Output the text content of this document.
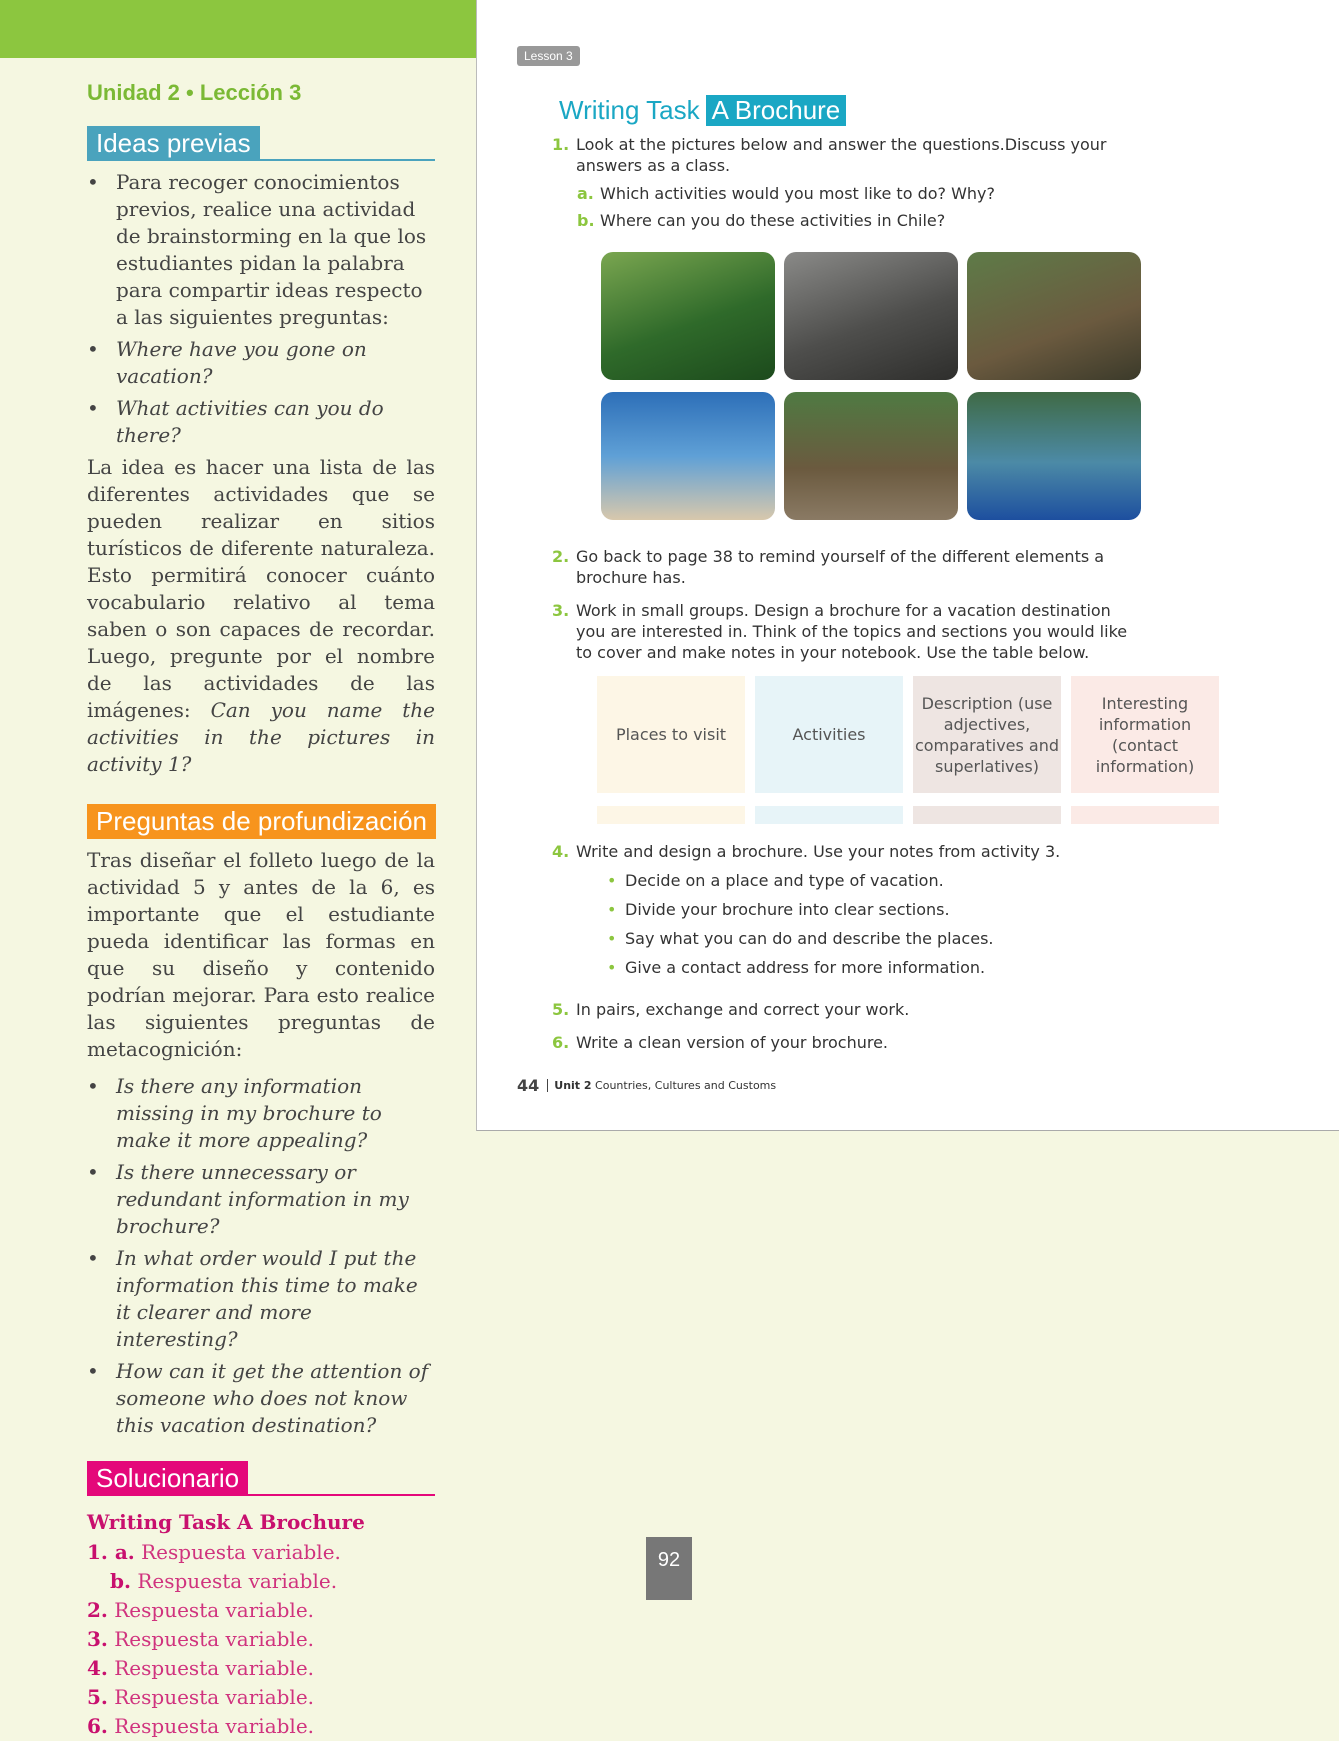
Unidad 2 • Lección 3
Ideas previas
• Para recoger conocimientos previos, realice una actividad de brainstorming en la que los estudiantes pidan la palabra para compartir ideas respecto a las siguientes preguntas:
• Where have you gone on vacation?
• What activities can you do there?

La idea es hacer una lista de las diferentes actividades que se pueden realizar en sitios turísticos de diferente naturaleza. Esto permitirá conocer cuánto vocabulario relativo al tema saben o son capaces de recordar. Luego, pregunte por el nombre de las actividades de las imágenes: Can you name the activities in the pictures in activity 1?

Preguntas de profundización

Tras diseñar el folleto luego de la actividad 5 y antes de la 6, es importante que el estudiante pueda identificar las formas en que su diseño y contenido podrían mejorar. Para esto realice las siguientes preguntas de metacognición:

• Is there any information missing in my brochure to make it more appealing?
• Is there unnecessary or redundant information in my brochure?
• In what order would I put the information this time to make it clearer and more interesting?
• How can it get the attention of someone who does not know this vacation destination?
Solucionario
Writing Task A Brochure
1. a. Respuesta variable.
b. Respuesta variable.
2. Respuesta variable.
3. Respuesta variable.
4. Respuesta variable.
5. Respuesta variable.
6. Respuesta variable.
Lesson 3
Writing Task A Brochure
1. Look at the pictures below and answer the questions.Discuss your answers as a class.
a. Which activities would you most like to do? Why?
b. Where can you do these activities in Chile?
2. Go back to page 38 to remind yourself of the different elements a brochure has.
3. Work in small groups. Design a brochure for a vacation destination you are interested in. Think of the topics and sections you would like to cover and make notes in your notebook. Use the table below.
Places to visit	Activities
Description (use adjectives, comparatives and superlatives)
Interesting information (contact information)
4. Write and design a brochure. Use your notes from activity 3.
• Decide on a place and type of vacation.
• Divide your brochure into clear sections.
• Say what you can do and describe the places.
• Give a contact address for more information.
5. In pairs, exchange and correct your work.
6. Write a clean version of your brochure.
44	Unit 2 Countries, Cultures and Customs
92
